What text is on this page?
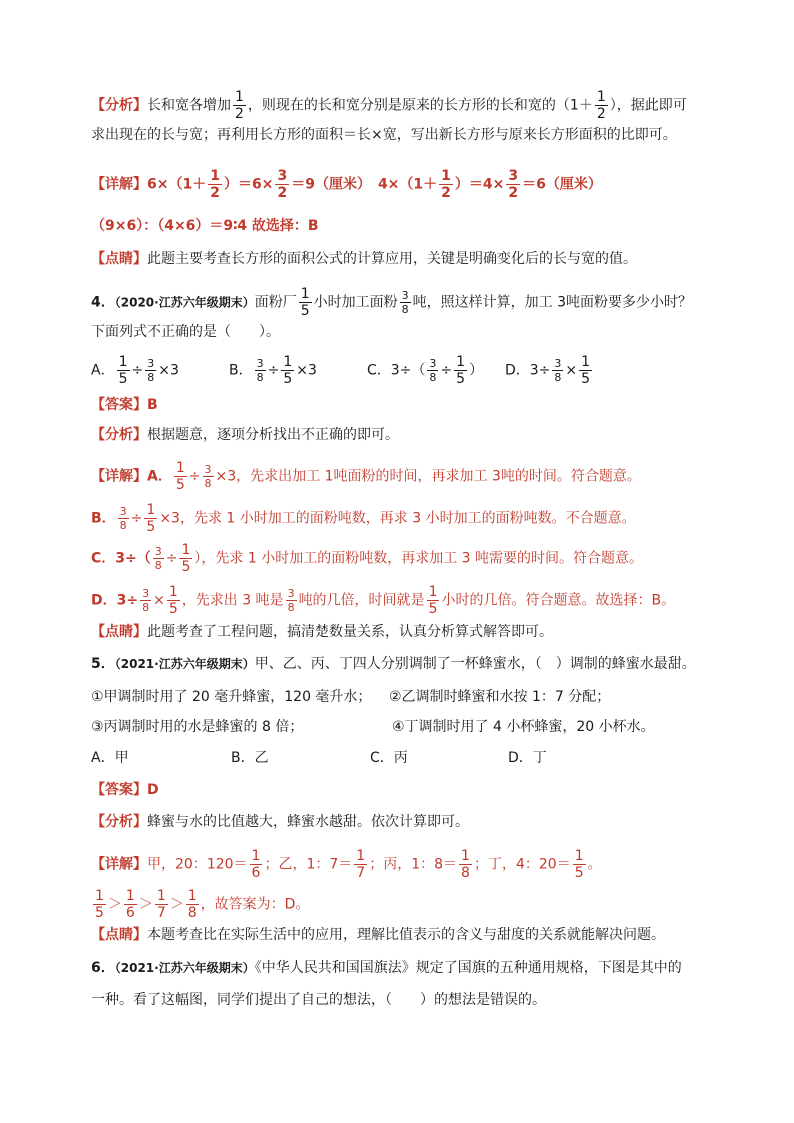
【分析】长和宽各增加 $\frac{1}{2}$ ，则现在的长和宽分别是原来的长方形的长和宽的（$1+ \frac{1}{2}$ ），据此即可
求出现在的长与宽；再利用长方形的面积＝长×宽，写出新长方形与原来长方形面积的比即可。
【详解】$6\times(1+ \frac{1}{2} )=6\times \frac{3}{2} =9$（厘米）　$4\times(1+ \frac{1}{2} )=4\times \frac{3}{2} =6$（厘米）
（9×6）：（4×6）＝9∶4 故选择：B
【点睛】此题主要考查长方形的面积公式的计算应用，关键是明确变化后的长与宽的值。
4．（2020·江苏六年级期末）面粉厂 $\frac{1}{5}$ 小时加工面粉 $\frac{3}{8}$ 吨，照这样计算，加工 3吨面粉要多少小时？
下面列式不正确的是（　　）。
A． $\frac{1}{5} \div \frac{3}{8} \times 3$	B． $\frac{3}{8} \div \frac{1}{5} \times 3$	C．$3\div( \frac{3}{8} \div \frac{1}{5}$ ） D．$3\div \frac{3}{8} \times \frac{1}{5}$
【答案】B
【分析】根据题意，逐项分析找出不正确的即可。
【详解】A． $\frac{1}{5} \div \frac{3}{8} \times 3$，先求出加工 1吨面粉的时间，再求加工 3吨的时间。符合题意。
B． $\frac{3}{8} \div \frac{1}{5} \times 3$，先求 1 小时加工的面粉吨数，再求 3 小时加工的面粉吨数。不合题意。
C．$3\div( \frac{3}{8} \div \frac{1}{5}$ ），先求 1 小时加工的面粉吨数，再求加工 3 吨需要的时间。符合题意。
D．$3\div \frac{3}{8} \times \frac{1}{5}$ ，先求出 3 吨是 $\frac{3}{8}$ 吨的几倍，时间就是 $\frac{1}{5}$ 小时的几倍。符合题意。故选择：B。
【点睛】此题考查了工程问题，搞清楚数量关系，认真分析算式解答即可。
5．（2021·江苏六年级期末）甲、乙、丙、丁四人分别调制了一杯蜂蜜水，（　）调制的蜂蜜水最甜。
①甲调制时用了 20 毫升蜂蜜，120 毫升水； ②乙调制时蜂蜜和水按 1：7 分配；
③丙调制时用的水是蜂蜜的 8 倍；	④丁调制时用了 4 小杯蜂蜜，20 小杯水。
A．甲	B．乙	C．丙	D．丁
【答案】D
【分析】蜂蜜与水的比值越大，蜂蜜水越甜。依次计算即可。
【详解】甲，20：$120= \frac{1}{6}$ ；乙，1：$7= \frac{1}{7}$ ；丙，1：$8= \frac{1}{8}$ ；丁，4：$20= \frac{1}{5}$ 。
$\frac{1}{5} > \frac{1}{6} > \frac{1}{7} > \frac{1}{8}$ ，故答案为：D。
【点睛】本题考查比在实际生活中的应用，理解比值表示的含义与甜度的关系就能解决问题。
6．（2021·江苏六年级期末）《中华人民共和国国旗法》规定了国旗的五种通用规格，下图是其中的
一种。看了这幅图，同学们提出了自己的想法，（　　）的想法是错误的。
